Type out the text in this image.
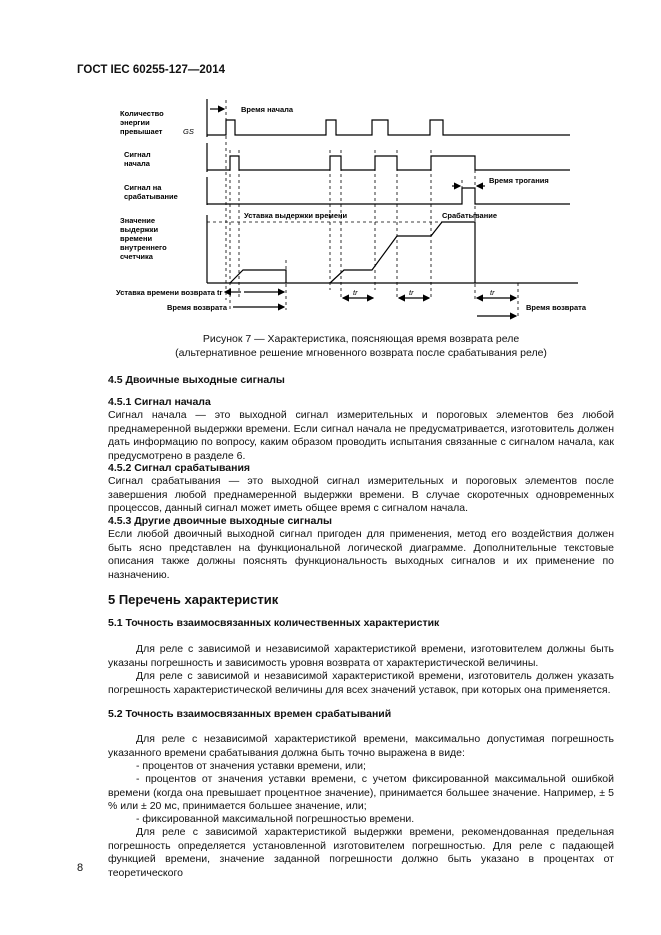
ГОСТ IEC 60255-127—2014
Количество
энергии
превышает	GS
Сигнал
начала
Сигнал на
срабатывание
Значение
выдержки
времени
внутреннего
счетчика
Время начала
Время трогания
Уставка выдержки времени	Срабатывание
Уставка времени возврата tr
Время возврата	Время возврата
tr	tr	tr
Рисунок 7 — Характеристика, поясняющая время возврата реле
(альтернативное решение мгновенного возврата после срабатывания реле)
4.5 Двоичные выходные сигналы
4.5.1 Сигнал начала
Сигнал начала — это выходной сигнал измерительных и пороговых элементов без любой преднамеренной выдержки времени. Если сигнал начала не предусматривается, изготовитель должен дать информацию по вопросу, каким образом проводить испытания связанные с сигналом начала, как предусмотрено в разделе 6.
4.5.2 Сигнал срабатывания
Сигнал срабатывания — это выходной сигнал измерительных и пороговых элементов после завершения любой преднамеренной выдержки времени. В случае скоротечных одновременных процессов, данный сигнал может иметь общее время с сигналом начала.
4.5.3 Другие двоичные выходные сигналы
Если любой двоичный выходной сигнал пригоден для применения, метод его воздействия должен быть ясно представлен на функциональной логической диаграмме. Дополнительные текстовые описания также должны пояснять функциональность выходных сигналов и их применение по назначению.
5 Перечень характеристик
5.1 Точность взаимосвязанных количественных характеристик
Для реле с зависимой и независимой характеристикой времени, изготовителем должны быть указаны погрешность и зависимость уровня возврата от характеристической величины.
Для реле с зависимой и независимой характеристикой времени, изготовитель должен указать погрешность характеристической величины для всех значений уставок, при которых она применяется.
5.2 Точность взаимосвязанных времен срабатываний
Для реле с независимой характеристикой времени, максимально допустимая погрешность указанного времени срабатывания должна быть точно выражена в виде:
- процентов от значения уставки времени, или;
- процентов от значения уставки времени, с учетом фиксированной максимальной ошибкой времени (когда она превышает процентное значение), принимается большее значение. Например, ± 5 % или ± 20 мс, принимается большее значение, или;
- фиксированной максимальной погрешностью времени.
Для реле с зависимой характеристикой выдержки времени, рекомендованная предельная погрешность определяется установленной изготовителем погрешностью. Для реле с падающей функцией времени, значение заданной погрешности должно быть указано в процентах от теоретического
8
